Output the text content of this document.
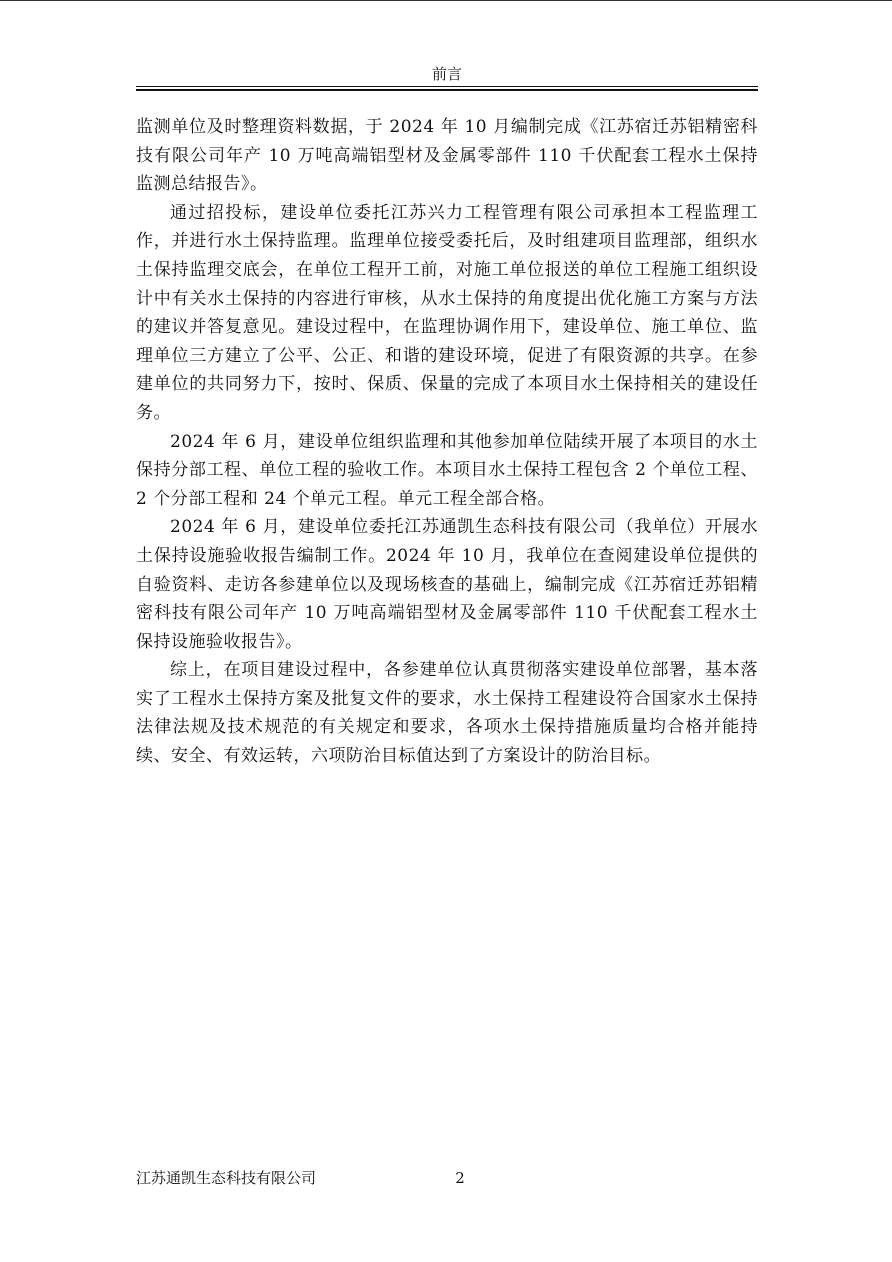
前言

监测单位及时整理资料数据，于 2024 年 10 月编制完成《江苏宿迁苏铝精密科技有限公司年产 10 万吨高端铝型材及金属零部件 110 千伏配套工程水土保持监测总结报告》。

通过招投标，建设单位委托江苏兴力工程管理有限公司承担本工程监理工作，并进行水土保持监理。监理单位接受委托后，及时组建项目监理部，组织水土保持监理交底会，在单位工程开工前，对施工单位报送的单位工程施工组织设计中有关水土保持的内容进行审核，从水土保持的角度提出优化施工方案与方法的建议并答复意见。建设过程中，在监理协调作用下，建设单位、施工单位、监理单位三方建立了公平、公正、和谐的建设环境，促进了有限资源的共享。在参建单位的共同努力下，按时、保质、保量的完成了本项目水土保持相关的建设任务。

2024 年 6 月，建设单位组织监理和其他参加单位陆续开展了本项目的水土保持分部工程、单位工程的验收工作。本项目水土保持工程包含 2 个单位工程、2 个分部工程和 24 个单元工程。单元工程全部合格。

2024 年 6 月，建设单位委托江苏通凯生态科技有限公司（我单位）开展水土保持设施验收报告编制工作。2024 年 10 月，我单位在查阅建设单位提供的自验资料、走访各参建单位以及现场核查的基础上，编制完成《江苏宿迁苏铝精密科技有限公司年产 10 万吨高端铝型材及金属零部件 110 千伏配套工程水土保持设施验收报告》。

综上，在项目建设过程中，各参建单位认真贯彻落实建设单位部署，基本落实了工程水土保持方案及批复文件的要求，水土保持工程建设符合国家水土保持法律法规及技术规范的有关规定和要求，各项水土保持措施质量均合格并能持续、安全、有效运转，六项防治目标值达到了方案设计的防治目标。

江苏通凯生态科技有限公司	2
